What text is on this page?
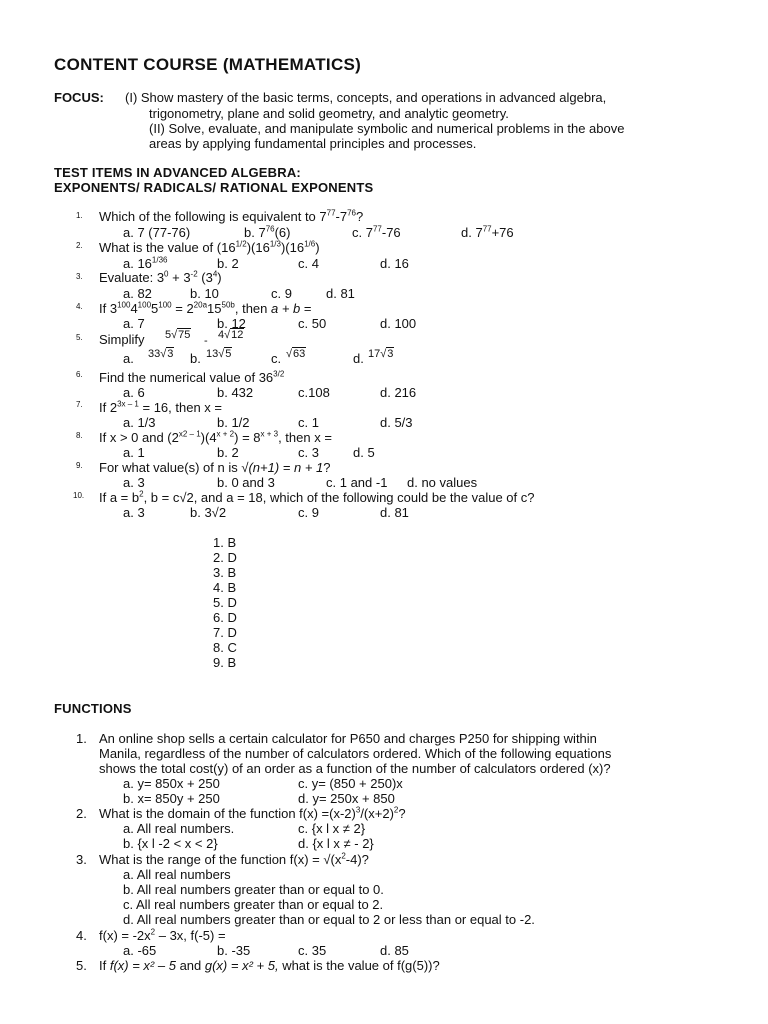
CONTENT COURSE (MATHEMATICS)
FOCUS: (I) Show mastery of the basic terms, concepts, and operations in advanced algebra,
trigonometry, plane and solid geometry, and analytic geometry.
(II) Solve, evaluate, and manipulate symbolic and numerical problems in the above
areas by applying fundamental principles and processes.
TEST ITEMS IN ADVANCED ALGEBRA:
EXPONENTS/ RADICALS/ RATIONAL EXPONENTS
1. Which of the following is equivalent to $7^{77}-7^{76}$?
a. 7 (77-76)	b. $7^{76}(6)$	c. $7^{77}-76$	d. $7^{77}+76$
2. What is the value of $(16^{1/2})(16^{1/3})(16^{1/6})$
a. $16^{1/36}$	b. 2	c. 4	d. 16
3. Evaluate: $3^0 + 3^{-2}$ $(3^4)$
a. 82	b. 10	c. 9	d. 81
4. If $3^{100}4^{100}5^{100} = 2^{20a}15^{50b}$, then a + b =
a. 7	b. 12	c. 50	d. 100
5. Simplify 5√75 - 4√12
a. 33√3 b. 13√5	c. √63	d. 17√3
6. Find the numerical value of $36^{3/2}$
a. 6	b. 432	c.108	d. 216
7. If $2^{3x - 1} = 16$, then x =
a. 1/3	b. 1/2	c. 1	d. 5/3
8. If x > 0 and $(2^{x2 - 1})(4^{x + 2}) = 8^{x + 3}$, then x =
a. 1	b. 2	c. 3	d. 5
9. For what value(s) of n is √(n+1) = n + 1?
a. 3	b. 0 and 3	c. 1 and -1 d. no values
10. If $a = b^2$, b = c√2, and a = 18, which of the following could be the value of c?
a. 3	b. 3√2	c. 9	d. 81
1. B
2. D
3. B
4. B
5. D
6. D
7. D
8. C
9. B
FUNCTIONS
1. An online shop sells a certain calculator for P650 and charges P250 for shipping within
Manila, regardless of the number of calculators ordered. Which of the following equations
shows the total cost(y) of an order as a function of the number of calculators ordered (x)?
a. y= 850x + 250	c. y= (850 + 250)x
b. x= 850y + 250	d. y= 250x + 850
2. What is the domain of the function $f(x) =(x-2)^3/(x+2)^2$?
a. All real numbers.	c. {x l x ≠ 2}
b. {x l -2 < x < 2}	d. {x l x ≠ - 2}
3. What is the range of the function $f(x) = √(x^2-4)$?
a. All real numbers
b. All real numbers greater than or equal to 0.
c. All real numbers greater than or equal to 2.
d. All real numbers greater than or equal to 2 or less than or equal to -2.
4. $f(x) = -2x^2 - 3x$, f(-5) =
a. -65	b. -35	c. 35	d. 85
5. If f(x) = x² – 5 and g(x) = x² + 5, what is the value of f(g(5))?
